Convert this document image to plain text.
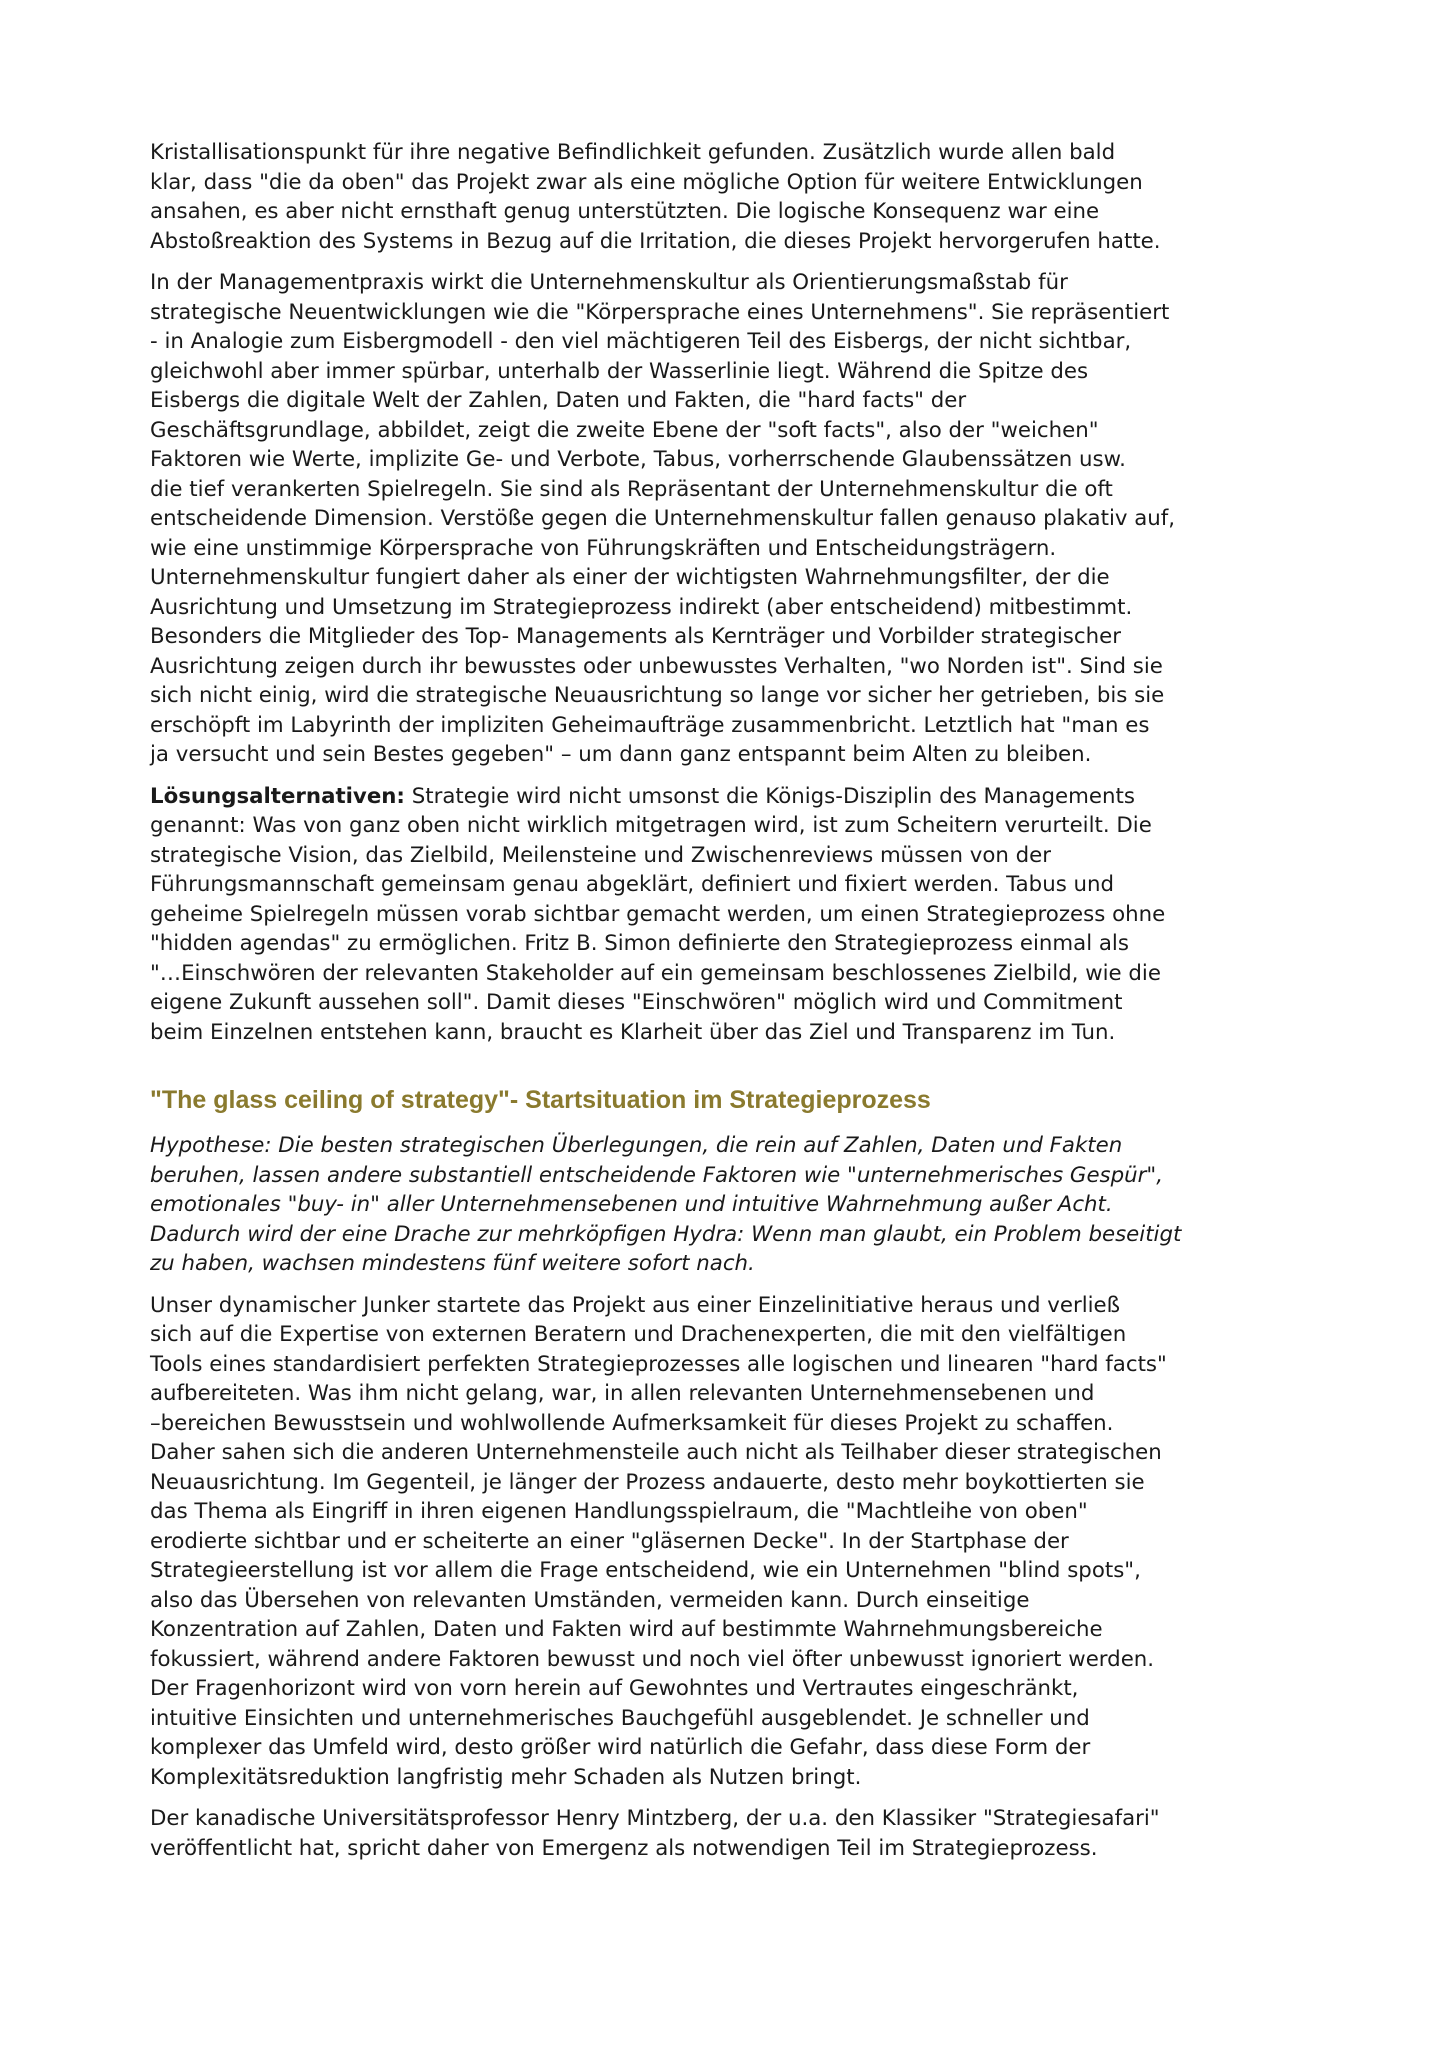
Kristallisationspunkt für ihre negative Befindlichkeit gefunden. Zusätzlich wurde allen bald
klar, dass "die da oben" das Projekt zwar als eine mögliche Option für weitere Entwicklungen
ansahen, es aber nicht ernsthaft genug unterstützten. Die logische Konsequenz war eine
Abstoßreaktion des Systems in Bezug auf die Irritation, die dieses Projekt hervorgerufen hatte.
In der Managementpraxis wirkt die Unternehmenskultur als Orientierungsmaßstab für
strategische Neuentwicklungen wie die "Körpersprache eines Unternehmens". Sie repräsentiert
- in Analogie zum Eisbergmodell - den viel mächtigeren Teil des Eisbergs, der nicht sichtbar,
gleichwohl aber immer spürbar, unterhalb der Wasserlinie liegt. Während die Spitze des
Eisbergs die digitale Welt der Zahlen, Daten und Fakten, die "hard facts" der
Geschäftsgrundlage, abbildet, zeigt die zweite Ebene der "soft facts", also der "weichen"
Faktoren wie Werte, implizite Ge- und Verbote, Tabus, vorherrschende Glaubenssätzen usw.
die tief verankerten Spielregeln. Sie sind als Repräsentant der Unternehmenskultur die oft
entscheidende Dimension. Verstöße gegen die Unternehmenskultur fallen genauso plakativ auf,
wie eine unstimmige Körpersprache von Führungskräften und Entscheidungsträgern.
Unternehmenskultur fungiert daher als einer der wichtigsten Wahrnehmungsfilter, der die
Ausrichtung und Umsetzung im Strategieprozess indirekt (aber entscheidend) mitbestimmt.
Besonders die Mitglieder des Top- Managements als Kernträger und Vorbilder strategischer
Ausrichtung zeigen durch ihr bewusstes oder unbewusstes Verhalten, "wo Norden ist". Sind sie
sich nicht einig, wird die strategische Neuausrichtung so lange vor sicher her getrieben, bis sie
erschöpft im Labyrinth der impliziten Geheimaufträge zusammenbricht. Letztlich hat "man es
ja versucht und sein Bestes gegeben" – um dann ganz entspannt beim Alten zu bleiben.
Lösungsalternativen: Strategie wird nicht umsonst die Königs-Disziplin des Managements
genannt: Was von ganz oben nicht wirklich mitgetragen wird, ist zum Scheitern verurteilt. Die
strategische Vision, das Zielbild, Meilensteine und Zwischenreviews müssen von der
Führungsmannschaft gemeinsam genau abgeklärt, definiert und fixiert werden. Tabus und
geheime Spielregeln müssen vorab sichtbar gemacht werden, um einen Strategieprozess ohne
"hidden agendas" zu ermöglichen. Fritz B. Simon definierte den Strategieprozess einmal als
"…Einschwören der relevanten Stakeholder auf ein gemeinsam beschlossenes Zielbild, wie die
eigene Zukunft aussehen soll". Damit dieses "Einschwören" möglich wird und Commitment
beim Einzelnen entstehen kann, braucht es Klarheit über das Ziel und Transparenz im Tun.
"The glass ceiling of strategy"- Startsituation im Strategieprozess
Hypothese: Die besten strategischen Überlegungen, die rein auf Zahlen, Daten und Fakten
beruhen, lassen andere substantiell entscheidende Faktoren wie "unternehmerisches Gespür",
emotionales "buy- in" aller Unternehmensebenen und intuitive Wahrnehmung außer Acht.
Dadurch wird der eine Drache zur mehrköpfigen Hydra: Wenn man glaubt, ein Problem beseitigt
zu haben, wachsen mindestens fünf weitere sofort nach.
Unser dynamischer Junker startete das Projekt aus einer Einzelinitiative heraus und verließ
sich auf die Expertise von externen Beratern und Drachenexperten, die mit den vielfältigen
Tools eines standardisiert perfekten Strategieprozesses alle logischen und linearen "hard facts"
aufbereiteten. Was ihm nicht gelang, war, in allen relevanten Unternehmensebenen und
–bereichen Bewusstsein und wohlwollende Aufmerksamkeit für dieses Projekt zu schaffen.
Daher sahen sich die anderen Unternehmensteile auch nicht als Teilhaber dieser strategischen
Neuausrichtung. Im Gegenteil, je länger der Prozess andauerte, desto mehr boykottierten sie
das Thema als Eingriff in ihren eigenen Handlungsspielraum, die "Machtleihe von oben"
erodierte sichtbar und er scheiterte an einer "gläsernen Decke". In der Startphase der
Strategieerstellung ist vor allem die Frage entscheidend, wie ein Unternehmen "blind spots",
also das Übersehen von relevanten Umständen, vermeiden kann. Durch einseitige
Konzentration auf Zahlen, Daten und Fakten wird auf bestimmte Wahrnehmungsbereiche
fokussiert, während andere Faktoren bewusst und noch viel öfter unbewusst ignoriert werden.
Der Fragenhorizont wird von vorn herein auf Gewohntes und Vertrautes eingeschränkt,
intuitive Einsichten und unternehmerisches Bauchgefühl ausgeblendet. Je schneller und
komplexer das Umfeld wird, desto größer wird natürlich die Gefahr, dass diese Form der
Komplexitätsreduktion langfristig mehr Schaden als Nutzen bringt.
Der kanadische Universitätsprofessor Henry Mintzberg, der u.a. den Klassiker "Strategiesafari"
veröffentlicht hat, spricht daher von Emergenz als notwendigen Teil im Strategieprozess.
